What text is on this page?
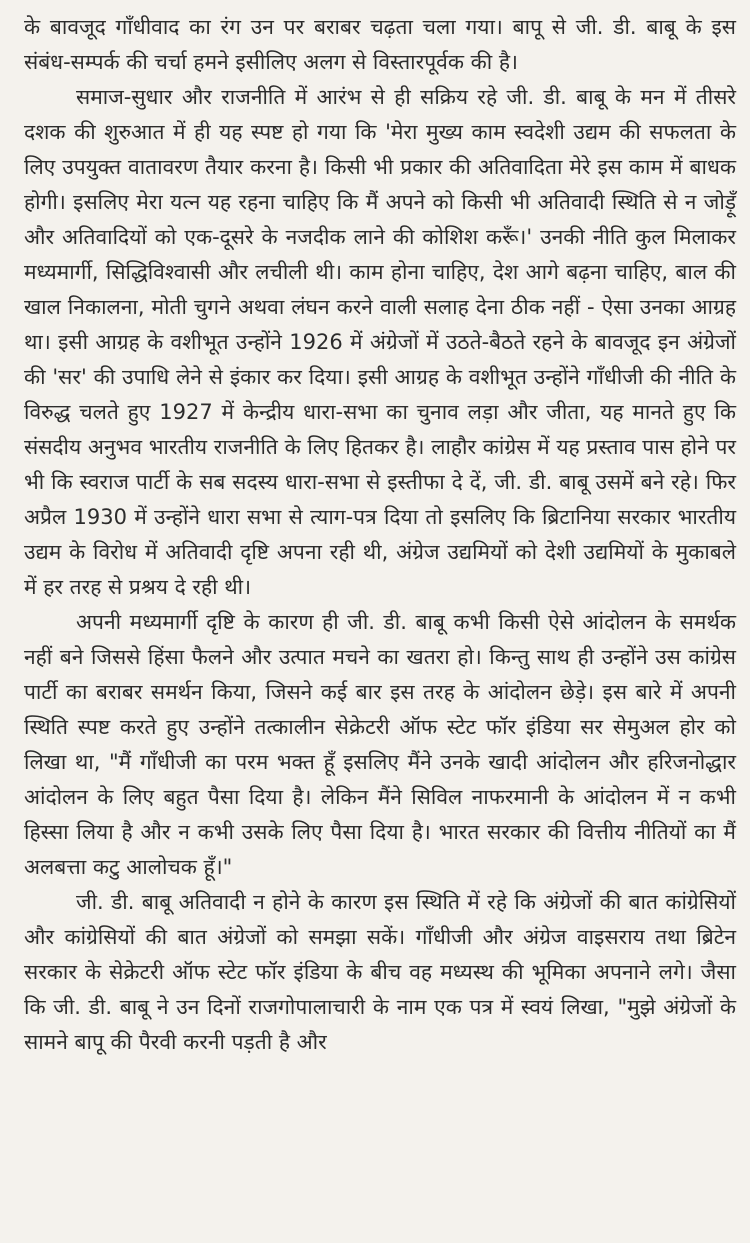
के बावजूद गाँधीवाद का रंग उन पर बराबर चढ़ता चला गया। बापू से जी. डी. बाबू के इस संबंध-सम्पर्क की चर्चा हमने इसीलिए अलग से विस्तारपूर्वक की है।

समाज-सुधार और राजनीति में आरंभ से ही सक्रिय रहे जी. डी. बाबू के मन में तीसरे दशक की शुरुआत में ही यह स्पष्ट हो गया कि 'मेरा मुख्य काम स्वदेशी उद्यम की सफलता के लिए उपयुक्त वातावरण तैयार करना है। किसी भी प्रकार की अतिवादिता मेरे इस काम में बाधक होगी। इसलिए मेरा यत्न यह रहना चाहिए कि मैं अपने को किसी भी अतिवादी स्थिति से न जोड़ूँ और अतिवादियों को एक-दूसरे के नजदीक लाने की कोशिश करूँ।' उनकी नीति कुल मिलाकर मध्यमार्गी, सिद्धिविश्वासी और लचीली थी। काम होना चाहिए, देश आगे बढ़ना चाहिए, बाल की खाल निकालना, मोती चुगने अथवा लंघन करने वाली सलाह देना ठीक नहीं - ऐसा उनका आग्रह था। इसी आग्रह के वशीभूत उन्होंने 1926 में अंग्रेजों में उठते-बैठते रहने के बावजूद इन अंग्रेजों की 'सर' की उपाधि लेने से इंकार कर दिया। इसी आग्रह के वशीभूत उन्होंने गाँधीजी की नीति के विरुद्ध चलते हुए 1927 में केन्द्रीय धारा-सभा का चुनाव लड़ा और जीता, यह मानते हुए कि संसदीय अनुभव भारतीय राजनीति के लिए हितकर है। लाहौर कांग्रेस में यह प्रस्ताव पास होने पर भी कि स्वराज पार्टी के सब सदस्य धारा-सभा से इस्तीफा दे दें, जी. डी. बाबू उसमें बने रहे। फिर अप्रैल 1930 में उन्होंने धारा सभा से त्याग-पत्र दिया तो इसलिए कि ब्रिटानिया सरकार भारतीय उद्यम के विरोध में अतिवादी दृष्टि अपना रही थी, अंग्रेज उद्यमियों को देशी उद्यमियों के मुकाबले में हर तरह से प्रश्रय दे रही थी।

अपनी मध्यमार्गी दृष्टि के कारण ही जी. डी. बाबू कभी किसी ऐसे आंदोलन के समर्थक नहीं बने जिससे हिंसा फैलने और उत्पात मचने का खतरा हो। किन्तु साथ ही उन्होंने उस कांग्रेस पार्टी का बराबर समर्थन किया, जिसने कई बार इस तरह के आंदोलन छेड़े। इस बारे में अपनी स्थिति स्पष्ट करते हुए उन्होंने तत्कालीन सेक्रेटरी ऑफ स्टेट फॉर इंडिया सर सेमुअल होर को लिखा था, "मैं गाँधीजी का परम भक्त हूँ इसलिए मैंने उनके खादी आंदोलन और हरिजनोद्धार आंदोलन के लिए बहुत पैसा दिया है। लेकिन मैंने सिविल नाफरमानी के आंदोलन में न कभी हिस्सा लिया है और न कभी उसके लिए पैसा दिया है। भारत सरकार की वित्तीय नीतियों का मैं अलबत्ता कटु आलोचक हूँ।"

जी. डी. बाबू अतिवादी न होने के कारण इस स्थिति में रहे कि अंग्रेजों की बात कांग्रेसियों और कांग्रेसियों की बात अंग्रेजों को समझा सकें। गाँधीजी और अंग्रेज वाइसराय तथा ब्रिटेन सरकार के सेक्रेटरी ऑफ स्टेट फॉर इंडिया के बीच वह मध्यस्थ की भूमिका अपनाने लगे। जैसा कि जी. डी. बाबू ने उन दिनों राजगोपालाचारी के नाम एक पत्र में स्वयं लिखा, "मुझे अंग्रेजों के सामने बापू की पैरवी करनी पड़ती है और
